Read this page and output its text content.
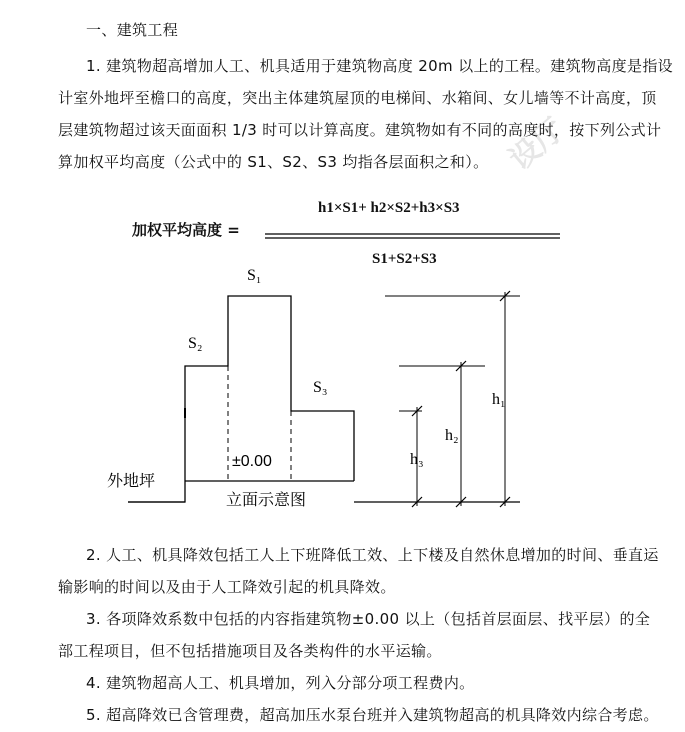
设厅
一、建筑工程
1. 建筑物超高增加人工、机具适用于建筑物高度 20m 以上的工程。建筑物高度是指设
计室外地坪至檐口的高度，突出主体建筑屋顶的电梯间、水箱间、女儿墙等不计高度，顶
层建筑物超过该天面面积 1/3 时可以计算高度。建筑物如有不同的高度时，按下列公式计
算加权平均高度（公式中的 S1、S2、S3 均指各层面积之和）。
加权平均高度 =
h1×S1+ h2×S2+h3×S3
S1+S2+S3
S₁
S₂
S₃
h₁
h₂
h₃
±0.00
外地坪
立面示意图
2. 人工、机具降效包括工人上下班降低工效、上下楼及自然休息增加的时间、垂直运
输影响的时间以及由于人工降效引起的机具降效。
3. 各项降效系数中包括的内容指建筑物±0.00 以上（包括首层面层、找平层）的全
部工程项目，但不包括措施项目及各类构件的水平运输。
4. 建筑物超高人工、机具增加，列入分部分项工程费内。
5. 超高降效已含管理费，超高加压水泵台班并入建筑物超高的机具降效内综合考虑。
